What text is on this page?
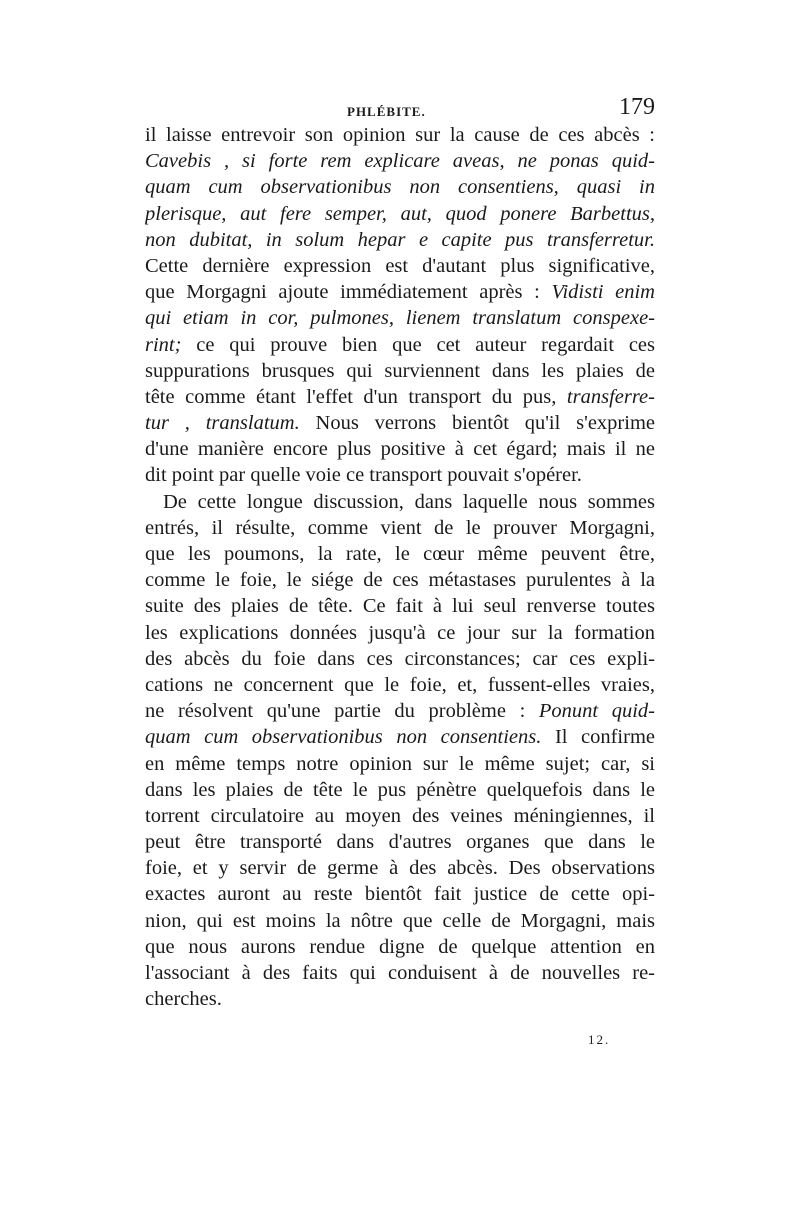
PHLÉBITE.	179
il laisse entrevoir son opinion sur la cause de ces abcès :
Cavebis , si forte rem explicare aveas, ne ponas quid-
quam cum observationibus non consentiens, quasi in
plerisque, aut fere semper, aut, quod ponere Barbettus,
non dubitat, in solum hepar e capite pus transferretur.
Cette dernière expression est d'autant plus significative,
que Morgagni ajoute immédiatement après : Vidisti enim
qui etiam in cor, pulmones, lienem translatum conspexe-
rint; ce qui prouve bien que cet auteur regardait ces
suppurations brusques qui surviennent dans les plaies de
tête comme étant l'effet d'un transport du pus, transferre-
tur , translatum. Nous verrons bientôt qu'il s'exprime
d'une manière encore plus positive à cet égard; mais il ne
dit point par quelle voie ce transport pouvait s'opérer.
De cette longue discussion, dans laquelle nous sommes
entrés, il résulte, comme vient de le prouver Morgagni,
que les poumons, la rate, le cœur même peuvent être,
comme le foie, le siége de ces métastases purulentes à la
suite des plaies de tête. Ce fait à lui seul renverse toutes
les explications données jusqu'à ce jour sur la formation
des abcès du foie dans ces circonstances; car ces expli-
cations ne concernent que le foie, et, fussent-elles vraies,
ne résolvent qu'une partie du problème : Ponunt quid-
quam cum observationibus non consentiens. Il confirme
en même temps notre opinion sur le même sujet; car, si
dans les plaies de tête le pus pénètre quelquefois dans le
torrent circulatoire au moyen des veines méningiennes, il
peut être transporté dans d'autres organes que dans le
foie, et y servir de germe à des abcès. Des observations
exactes auront au reste bientôt fait justice de cette opi-
nion, qui est moins la nôtre que celle de Morgagni, mais
que nous aurons rendue digne de quelque attention en
l'associant à des faits qui conduisent à de nouvelles re-
cherches.
12.
